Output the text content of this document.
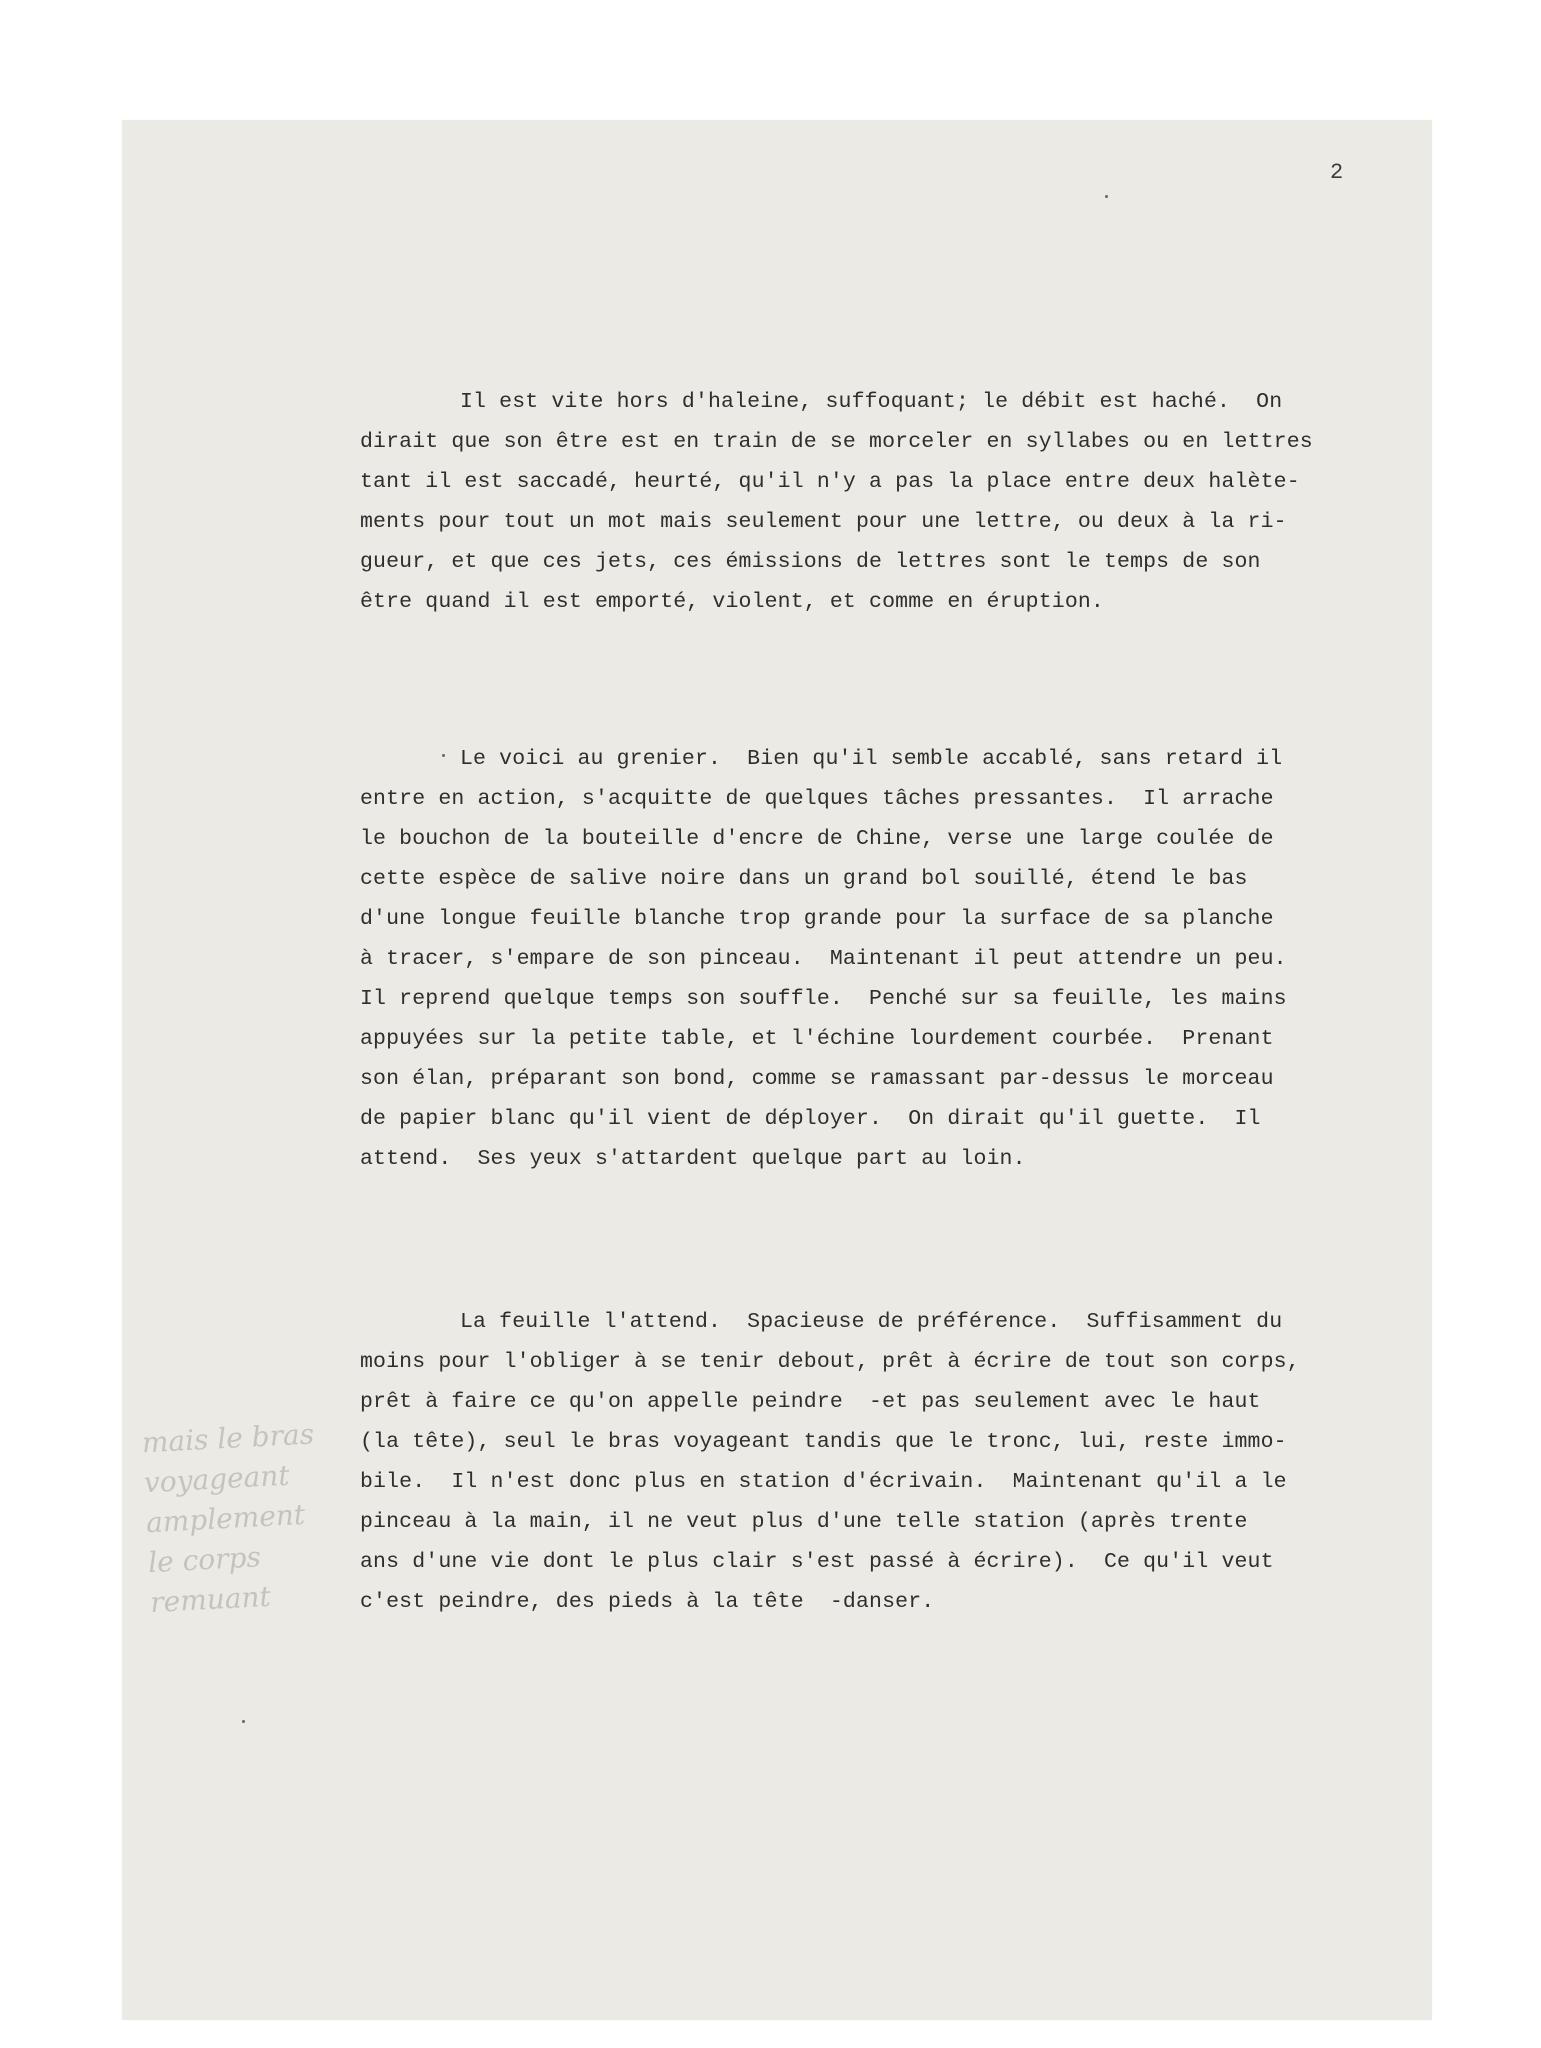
2
Il est vite hors d'haleine, suffoquant; le débit est haché.  On
dirait que son être est en train de se morceler en syllabes ou en lettres
tant il est saccadé, heurté, qu'il n'y a pas la place entre deux halète-
ments pour tout un mot mais seulement pour une lettre, ou deux à la ri-
gueur, et que ces jets, ces émissions de lettres sont le temps de son
être quand il est emporté, violent, et comme en éruption.
Le voici au grenier.  Bien qu'il semble accablé, sans retard il
entre en action, s'acquitte de quelques tâches pressantes.  Il arrache
le bouchon de la bouteille d'encre de Chine, verse une large coulée de
cette espèce de salive noire dans un grand bol souillé, étend le bas
d'une longue feuille blanche trop grande pour la surface de sa planche
à tracer, s'empare de son pinceau.  Maintenant il peut attendre un peu.
Il reprend quelque temps son souffle.  Penché sur sa feuille, les mains
appuyées sur la petite table, et l'échine lourdement courbée.  Prenant
son élan, préparant son bond, comme se ramassant par-dessus le morceau
de papier blanc qu'il vient de déployer.  On dirait qu'il guette.  Il
attend.  Ses yeux s'attardent quelque part au loin.
La feuille l'attend.  Spacieuse de préférence.  Suffisamment du
moins pour l'obliger à se tenir debout, prêt à écrire de tout son corps,
prêt à faire ce qu'on appelle peindre  -et pas seulement avec le haut
(la tête), seul le bras voyageant tandis que le tronc, lui, reste immo-
bile.  Il n'est donc plus en station d'écrivain.  Maintenant qu'il a le
pinceau à la main, il ne veut plus d'une telle station (après trente
ans d'une vie dont le plus clair s'est passé à écrire).  Ce qu'il veut
c'est peindre, des pieds à la tête  -danser.
mais le bras
voyageant
amplement
le corps
remuant
